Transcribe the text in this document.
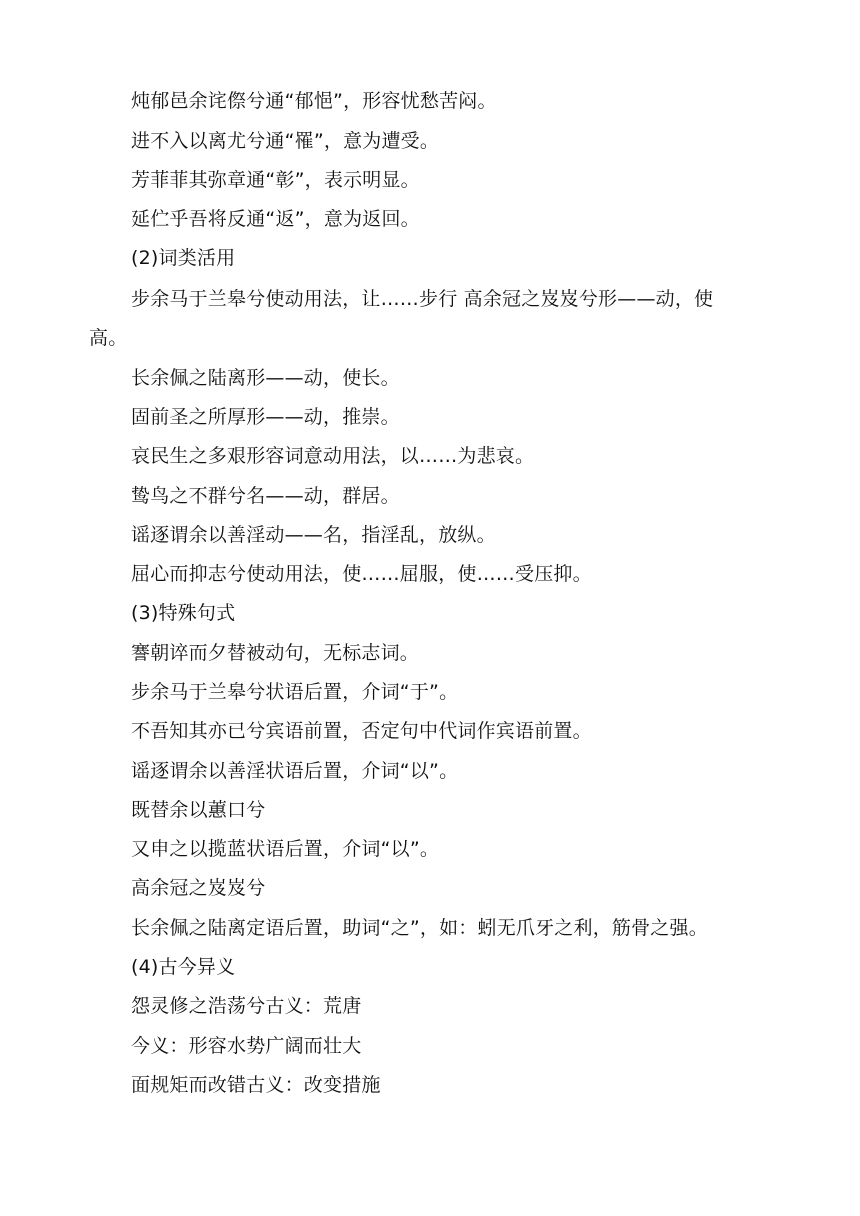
炖郁邑余诧傺兮通“郁悒”，形容忧愁苦闷。
进不入以离尤兮通“罹”，意为遭受。
芳菲菲其弥章通“彰”，表示明显。
延伫乎吾将反通“返”，意为返回。
(2)词类活用
步余马于兰皋兮使动用法，让……步行 高余冠之岌岌兮形——动，使
高。
长余佩之陆离形——动，使长。
固前圣之所厚形——动，推崇。
哀民生之多艰形容词意动用法，以……为悲哀。
鸷鸟之不群兮名——动，群居。
谣逐谓余以善淫动——名，指淫乱，放纵。
屈心而抑志兮使动用法，使……屈服，使……受压抑。
(3)特殊句式
謇朝谇而夕替被动句，无标志词。
步余马于兰皋兮状语后置，介词“于”。
不吾知其亦已兮宾语前置，否定句中代词作宾语前置。
谣逐谓余以善淫状语后置，介词“以”。
既替余以蕙口兮
又申之以揽蓝状语后置，介词“以”。
高余冠之岌岌兮
长余佩之陆离定语后置，助词“之”，如：蚓无爪牙之利，筋骨之强。
(4)古今异义
怨灵修之浩荡兮古义：荒唐
今义：形容水势广阔而壮大
面规矩而改错古义：改变措施
